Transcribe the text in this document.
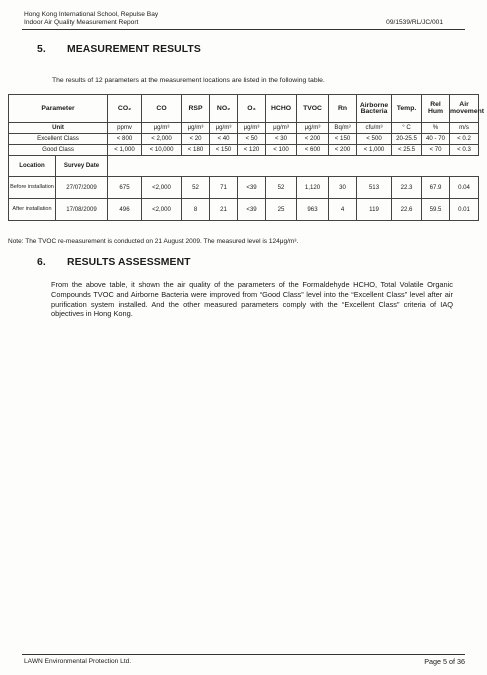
Hong Kong International School, Repulse Bay
Indoor Air Quality Measurement Report	09/1539/RL/JC/001
5. MEASUREMENT RESULTS
The results of 12 parameters at the measurement locations are listed in the following table.
Parameter		CO₂	CO	RSP	NO₂	O₃	HCHO	TVOC	Rn	Airborne Bacteria	Temp.	Rel Hum	Air movement
Unit		ppmv	μg/m³	μg/m³	μg/m³	μg/m³	μg/m³	μg/m³	Bq/m³	cfu/m³	° C	%	m/s
Excellent Class		< 800	< 2,000	< 20	< 40	< 50	< 30	< 200	< 150	< 500	20-25.5	40 - 70	< 0.2
Good Class		< 1,000	< 10,000	< 180	< 150	< 120	< 100	< 600	< 200	< 1,000	< 25.5	< 70	< 0.3
Location	Survey Date												
Before installation	27/07/2009	675	<2,000	52	71	<39	52	1,120	30	513	22.3	67.9	0.04
After installation	17/08/2009	496	<2,000	8	21	<39	25	963	4	119	22.6	59.5	0.01
Note: The TVOC re-measurement is conducted on 21 August 2009. The measured level is 124μg/m³.
6. RESULTS ASSESSMENT
From the above table, it shown the air quality of the parameters of the Formaldehyde HCHO, Total Volatile Organic Compounds TVOC and Airborne Bacteria were improved from “Good Class” level into the “Excellent Class” level after air purification system installed. And the other measured parameters comply with the “Excellent Class” criteria of IAQ objectives in Hong Kong.
LAWN Environmental Protection Ltd.	Page 5 of 36
